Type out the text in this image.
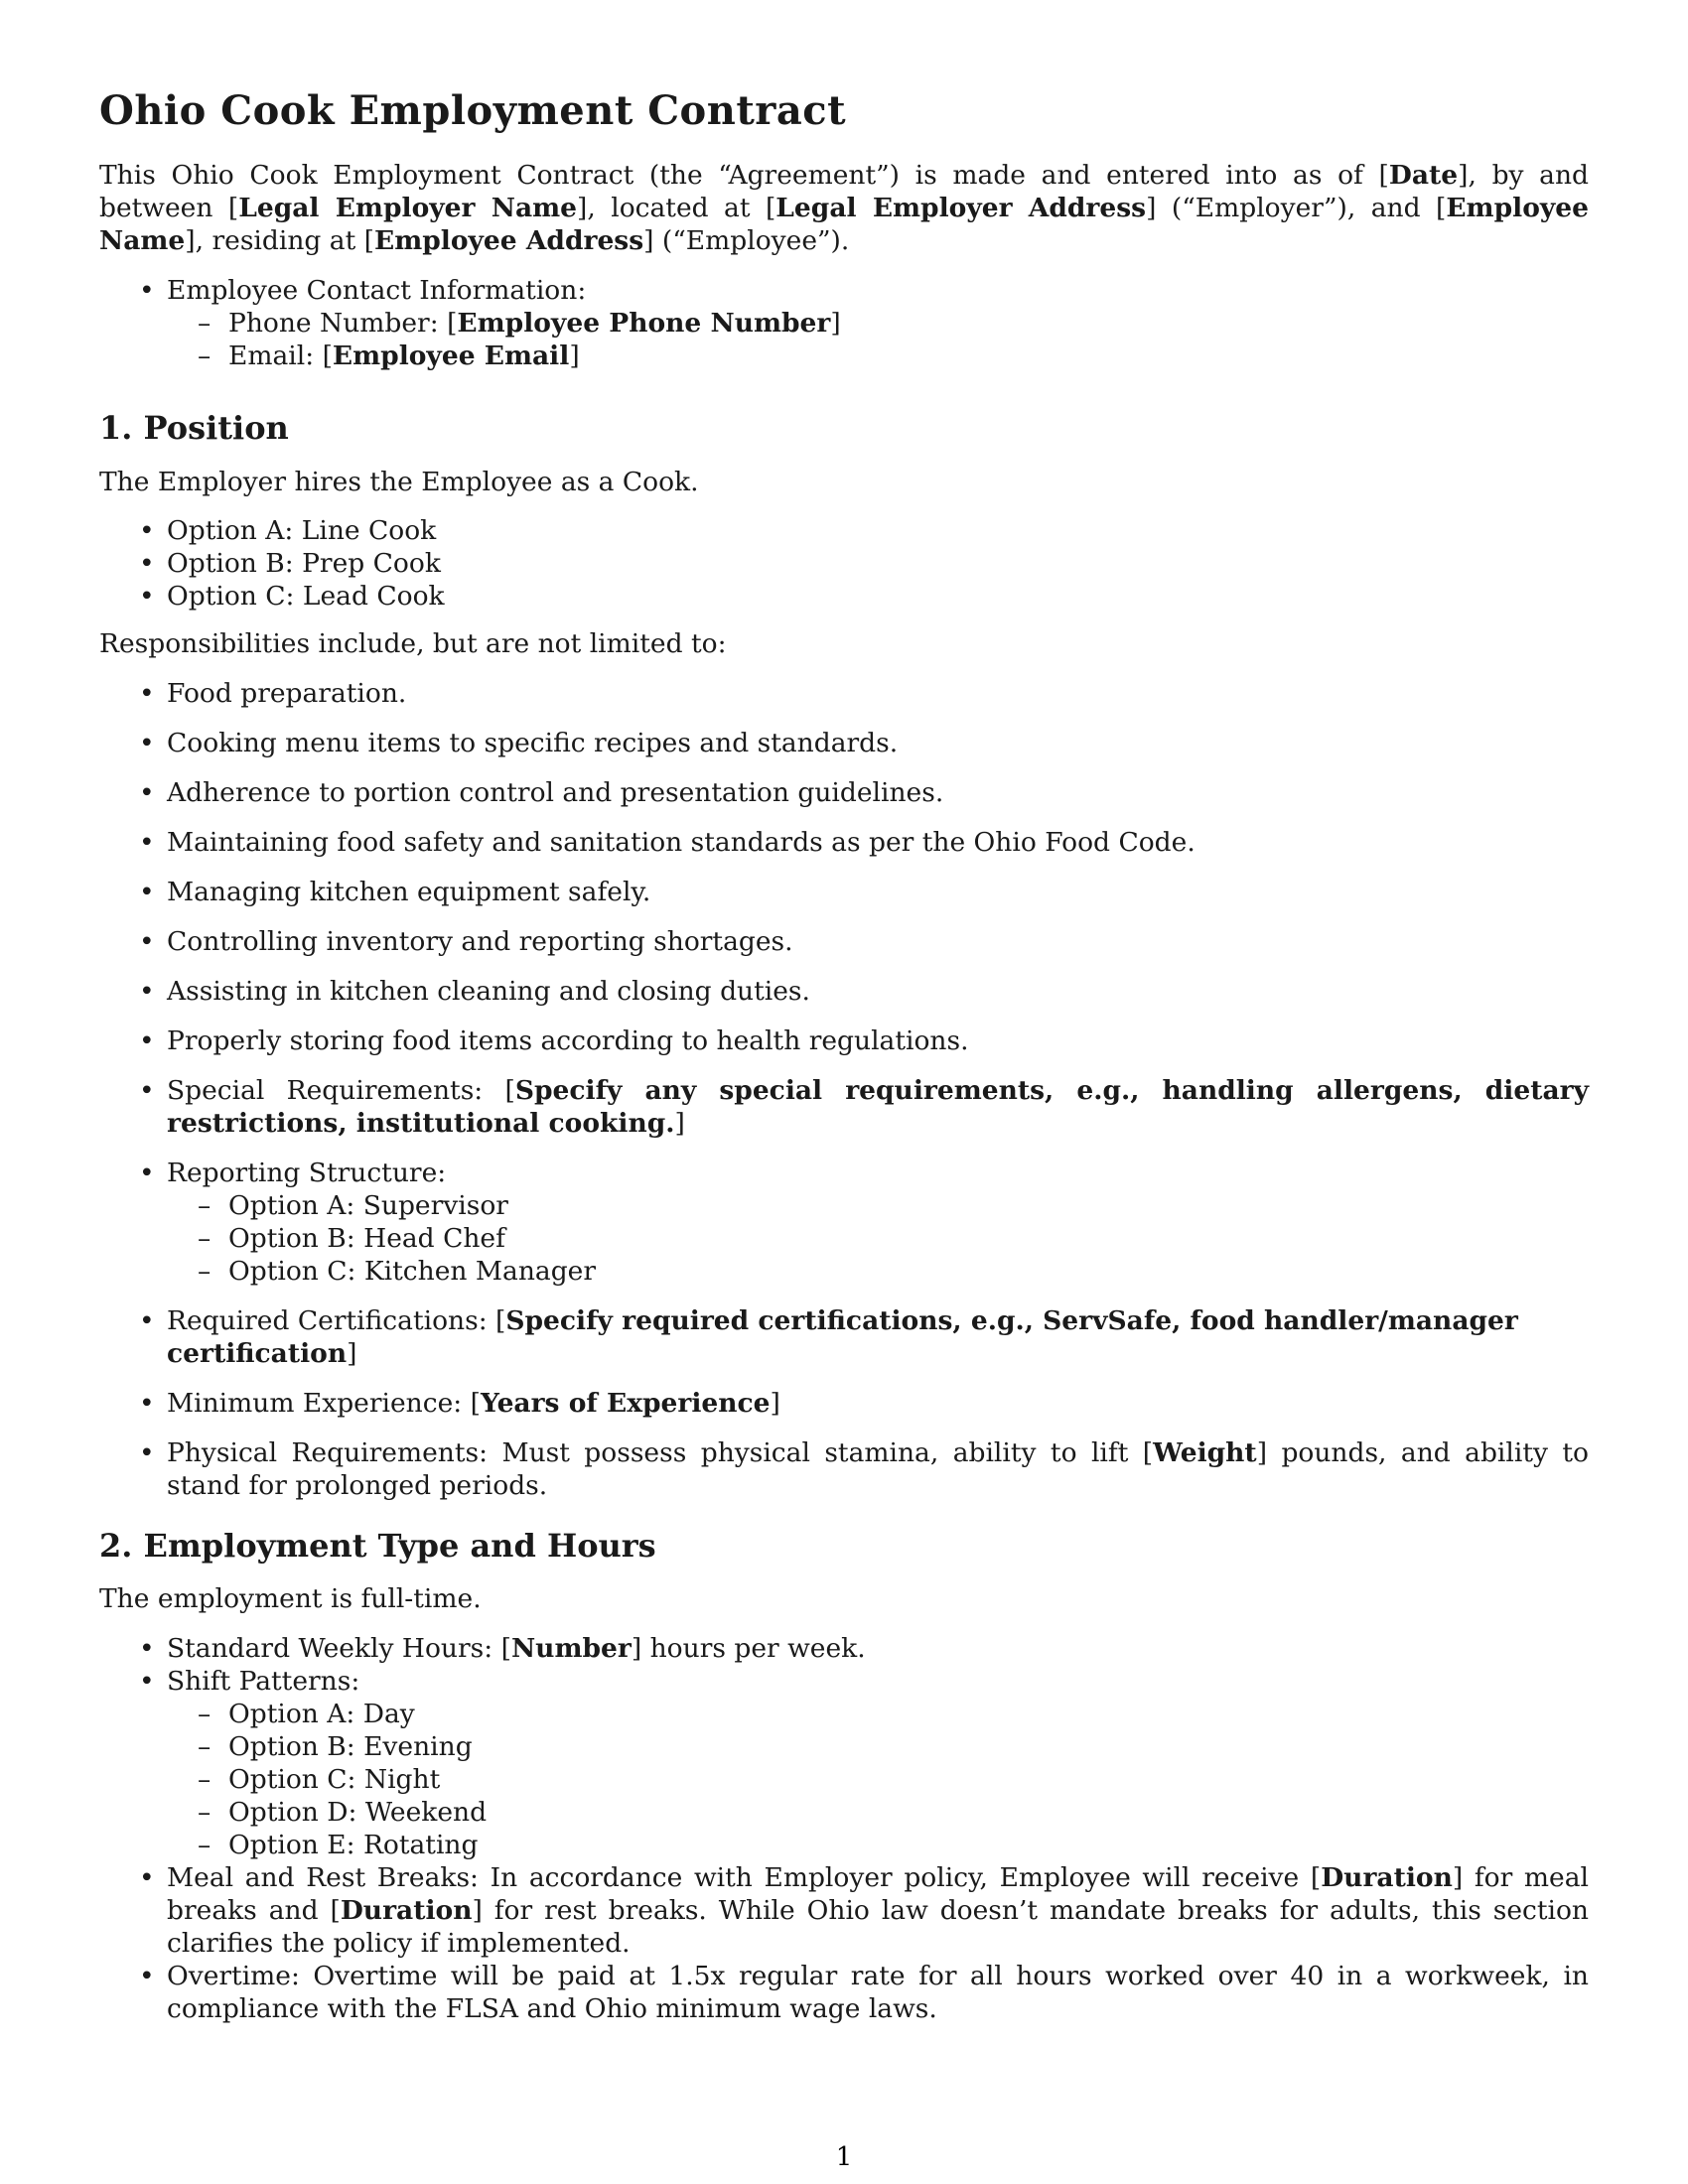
Ohio Cook Employment Contract

This Ohio Cook Employment Contract (the “Agreement”) is made and entered into as of [Date], by and between [Legal Employer Name], located at [Legal Employer Address] (“Employer”), and [Employee Name], residing at [Employee Address] (“Employee”).

• Employee Contact Information:
– Phone Number: [Employee Phone Number]
– Email: [Employee Email]
1. Position

The Employer hires the Employee as a Cook.

• Option A: Line Cook
• Option B: Prep Cook
• Option C: Lead Cook

Responsibilities include, but are not limited to:

• Food preparation.
• Cooking menu items to specific recipes and standards.
• Adherence to portion control and presentation guidelines.
• Maintaining food safety and sanitation standards as per the Ohio Food Code.
• Managing kitchen equipment safely.
• Controlling inventory and reporting shortages.
• Assisting in kitchen cleaning and closing duties.
• Properly storing food items according to health regulations.
• Special Requirements: [Specify any special requirements, e.g., handling allergens, dietary restrictions, institutional cooking.]
• Reporting Structure:
– Option A: Supervisor
– Option B: Head Chef
– Option C: Kitchen Manager
• Required Certifications: [Specify required certifications, e.g., ServSafe, food handler/manager certification]
• Minimum Experience: [Years of Experience]
• Physical Requirements: Must possess physical stamina, ability to lift [Weight] pounds, and ability to stand for prolonged periods.
2. Employment Type and Hours

The employment is full-time.

• Standard Weekly Hours: [Number] hours per week.
• Shift Patterns:
– Option A: Day
– Option B: Evening
– Option C: Night
– Option D: Weekend
– Option E: Rotating
• Meal and Rest Breaks: In accordance with Employer policy, Employee will receive [Duration] for meal breaks and [Duration] for rest breaks. While Ohio law doesn’t mandate breaks for adults, this section clarifies the policy if implemented.
• Overtime: Overtime will be paid at 1.5x regular rate for all hours worked over 40 in a workweek, in compliance with the FLSA and Ohio minimum wage laws.
1
